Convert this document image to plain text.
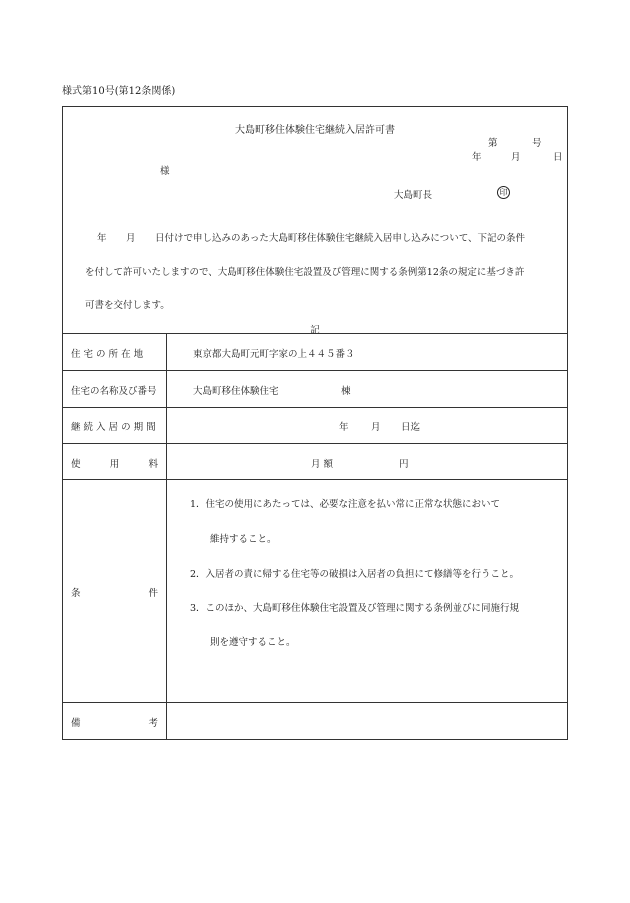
様式第10号(第12条関係)
大島町移住体験住宅継続入居許可書
第	号
年	月	日
様
大島町長	印
年 月 日付けで申し込みのあった大島町移住体験住宅継続入居申し込みについて、下記の条件
を付して許可いたしますので、大島町移住体験住宅設置及び管理に関する条例第12条の規定に基づき許
可書を交付します。
記
住 宅 の 所 在 地	東京都大島町元町字家の上４４５番３
住宅の名称及び番号	大島町移住体験住宅	棟
継 続 入 居 の 期 間	年 月 日迄
使	用	料	月 額	円
条	件
1．住宅の使用にあたっては、必要な注意を払い常に正常な状態において
維持すること。
2．入居者の責に帰する住宅等の破損は入居者の負担にて修繕等を行うこと。
3．このほか、大島町移住体験住宅設置及び管理に関する条例並びに同施行規
則を遵守すること。
備	考
